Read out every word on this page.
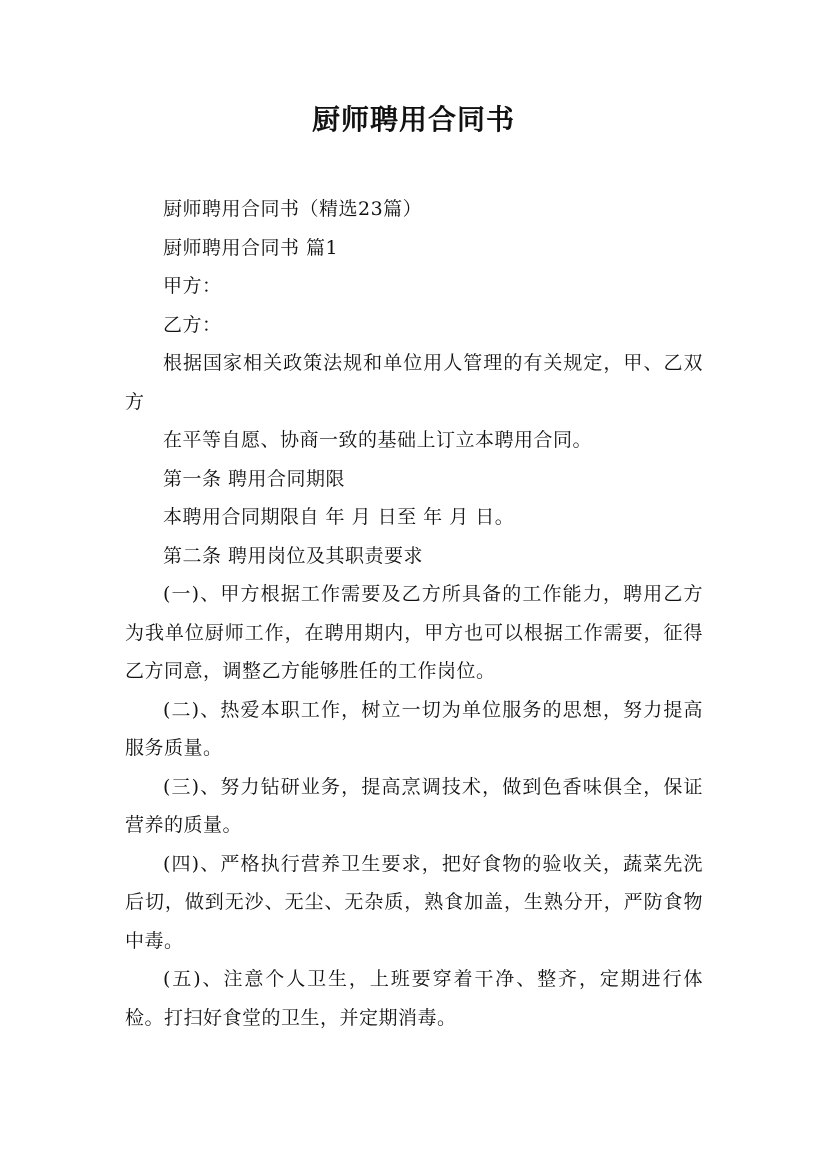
厨师聘用合同书

厨师聘用合同书（精选23篇）

厨师聘用合同书 篇1

甲方：

乙方：

根据国家相关政策法规和单位用人管理的有关规定，甲、乙双方

在平等自愿、协商一致的基础上订立本聘用合同。

第一条 聘用合同期限

本聘用合同期限自 年 月 日至 年 月 日。

第二条 聘用岗位及其职责要求

(一)、甲方根据工作需要及乙方所具备的工作能力，聘用乙方为我单位厨师工作，在聘用期内，甲方也可以根据工作需要，征得乙方同意，调整乙方能够胜任的工作岗位。

(二)、热爱本职工作，树立一切为单位服务的思想，努力提高服务质量。

(三)、努力钻研业务，提高烹调技术，做到色香味俱全，保证营养的质量。

(四)、严格执行营养卫生要求，把好食物的验收关，蔬菜先洗后切，做到无沙、无尘、无杂质，熟食加盖，生熟分开，严防食物中毒。

(五)、注意个人卫生，上班要穿着干净、整齐，定期进行体检。打扫好食堂的卫生，并定期消毒。
